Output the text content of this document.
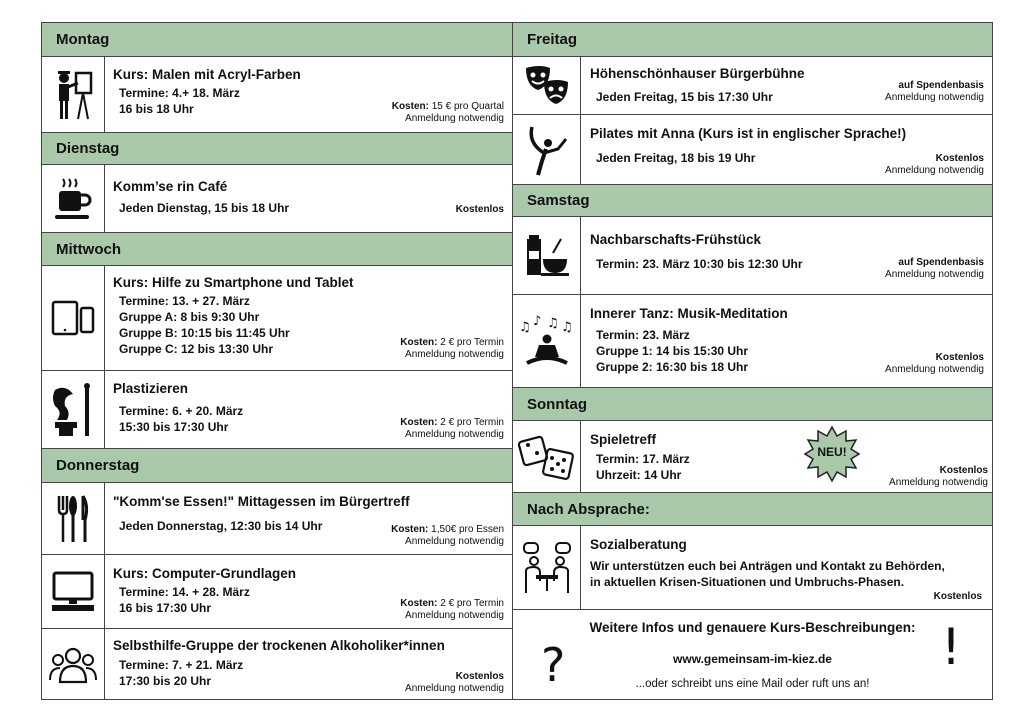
Montag
Kurs: Malen mit Acryl-Farben
Termine: 4.+ 18. März
16 bis 18 Uhr	Kosten: 15 € pro Quartal
Anmeldung notwendig
Dienstag
Komm’se rin Café
Jeden Dienstag, 15 bis 18 Uhr	Kostenlos
Mittwoch
Kurs: Hilfe zu Smartphone und Tablet
Termine: 13. + 27. März
Gruppe A: 8 bis 9:30 Uhr
Gruppe B: 10:15 bis 11:45 Uhr
Gruppe C: 12 bis 13:30 Uhr	Kosten: 2 € pro Termin
Anmeldung notwendig
Plastizieren
Termine: 6. + 20. März
15:30 bis 17:30 Uhr	Kosten: 2 € pro Termin
Anmeldung notwendig
Donnerstag
"Komm'se Essen!" Mittagessen im Bürgertreff
Jeden Donnerstag, 12:30 bis 14 Uhr	Kosten: 1,50€ pro Essen
Anmeldung notwendig
Kurs: Computer-Grundlagen
Termine: 14. + 28. März
16 bis 17:30 Uhr	Kosten: 2 € pro Termin
Anmeldung notwendig
Selbsthilfe-Gruppe der trockenen Alkoholiker*innen
Termine: 7. + 21. März
17:30 bis 20 Uhr	Kostenlos
Anmeldung notwendig
Freitag
Höhenschönhauser Bürgerbühne
Jeden Freitag, 15 bis 17:30 Uhr
auf Spendenbasis
Anmeldung notwendig
Pilates mit Anna (Kurs ist in englischer Sprache!)
Jeden Freitag, 18 bis 19 Uhr	Kostenlos
Anmeldung notwendig
Samstag
Nachbarschafts-Frühstück
Termin: 23. März 10:30 bis 12:30 Uhr	auf Spendenbasis
Anmeldung notwendig
♫ ♪ ♫ ♫
Innerer Tanz: Musik-Meditation
Termin: 23. März
Gruppe 1: 14 bis 15:30 Uhr
Gruppe 2: 16:30 bis 18 Uhr
Kostenlos
Anmeldung notwendig
Sonntag
Spieletreff
Termin: 17. März
Uhrzeit: 14 Uhr
NEU!
Kostenlos
Anmeldung notwendig
Nach Absprache:
Sozialberatung
Wir unterstützen euch bei Anträgen und Kontakt zu Behörden,
in aktuellen Krisen-Situationen und Umbruchs-Phasen.
Kostenlos
?
Weitere Infos und genauere Kurs-Beschreibungen:
www.gemeinsam-im-kiez.de
...oder schreibt uns eine Mail oder ruft uns an!
!
